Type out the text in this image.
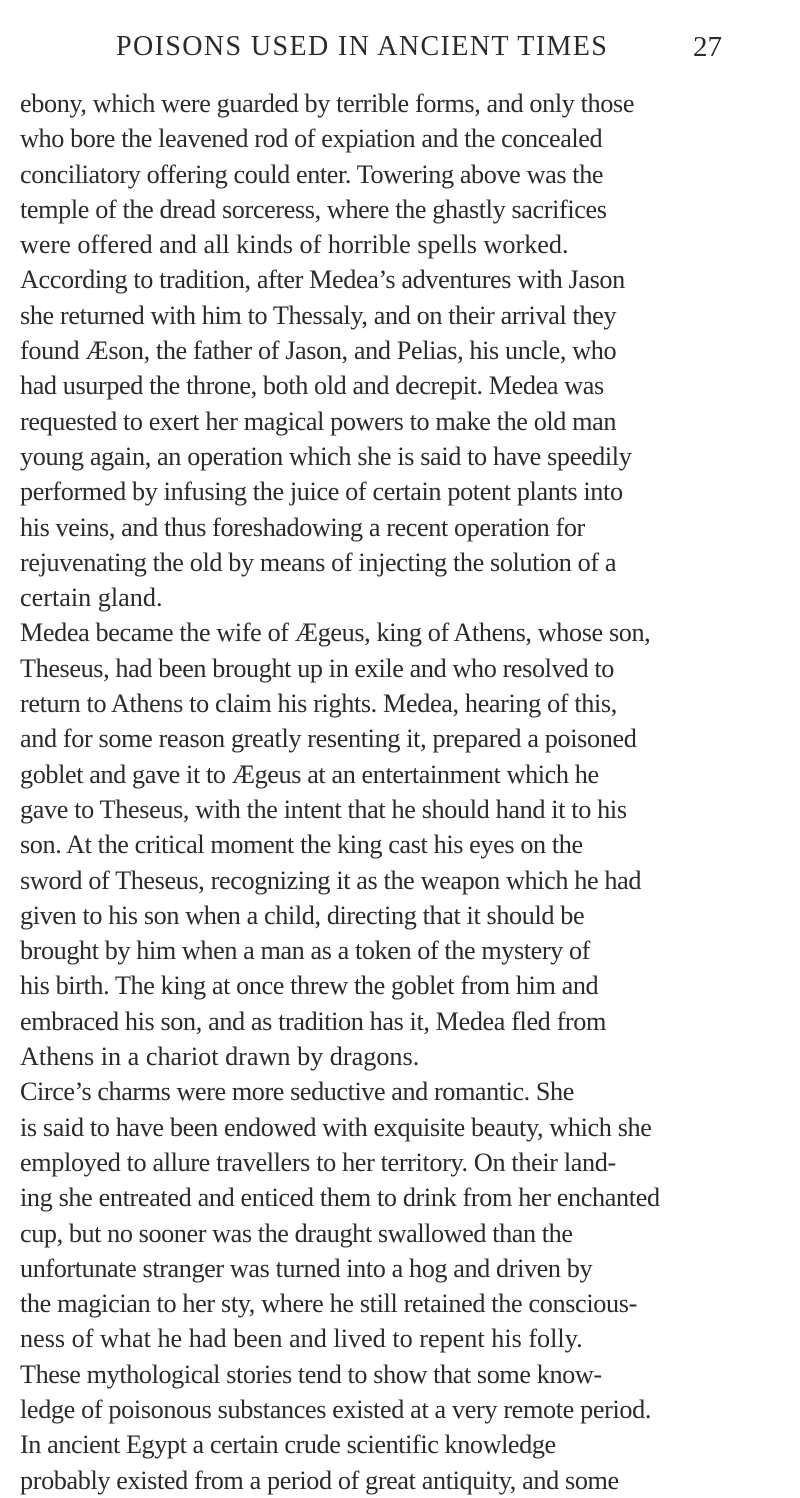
POISONS USED IN ANCIENT TIMES	27
ebony, which were guarded by terrible forms, and only those
who bore the leavened rod of expiation and the concealed
conciliatory offering could enter. Towering above was the
temple of the dread sorceress, where the ghastly sacrifices
were offered and all kinds of horrible spells worked.
According to tradition, after Medea’s adventures with Jason
she returned with him to Thessaly, and on their arrival they
found Æson, the father of Jason, and Pelias, his uncle, who
had usurped the throne, both old and decrepit. Medea was
requested to exert her magical powers to make the old man
young again, an operation which she is said to have speedily
performed by infusing the juice of certain potent plants into
his veins, and thus foreshadowing a recent operation for
rejuvenating the old by means of injecting the solution of a
certain gland.
Medea became the wife of Ægeus, king of Athens, whose son,
Theseus, had been brought up in exile and who resolved to
return to Athens to claim his rights. Medea, hearing of this,
and for some reason greatly resenting it, prepared a poisoned
goblet and gave it to Ægeus at an entertainment which he
gave to Theseus, with the intent that he should hand it to his
son. At the critical moment the king cast his eyes on the
sword of Theseus, recognizing it as the weapon which he had
given to his son when a child, directing that it should be
brought by him when a man as a token of the mystery of
his birth. The king at once threw the goblet from him and
embraced his son, and as tradition has it, Medea fled from
Athens in a chariot drawn by dragons.
Circe’s charms were more seductive and romantic. She
is said to have been endowed with exquisite beauty, which she
employed to allure travellers to her territory. On their land-
ing she entreated and enticed them to drink from her enchanted
cup, but no sooner was the draught swallowed than the
unfortunate stranger was turned into a hog and driven by
the magician to her sty, where he still retained the conscious-
ness of what he had been and lived to repent his folly.
These mythological stories tend to show that some know-
ledge of poisonous substances existed at a very remote period.
In ancient Egypt a certain crude scientific knowledge
probably existed from a period of great antiquity, and some
